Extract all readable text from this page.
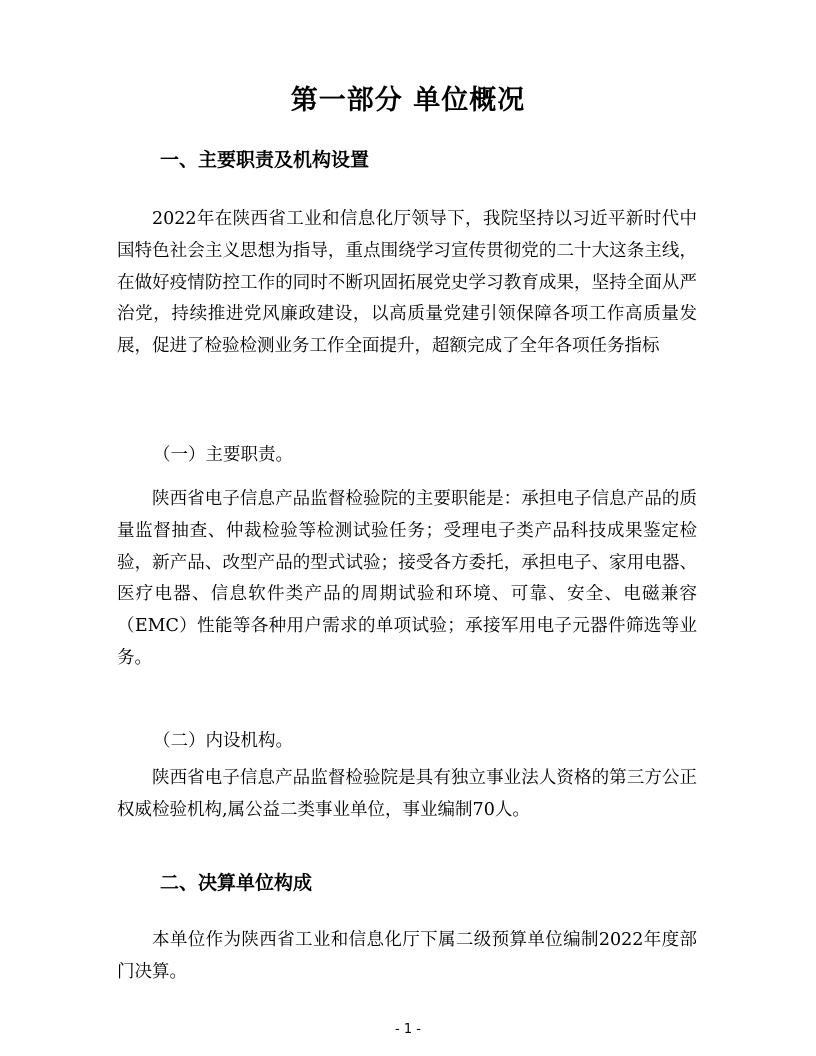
第一部分 单位概况
一、主要职责及机构设置

2022年在陕西省工业和信息化厅领导下，我院坚持以习近平新时代中国特色社会主义思想为指导，重点围绕学习宣传贯彻党的二十大这条主线，在做好疫情防控工作的同时不断巩固拓展党史学习教育成果，坚持全面从严治党，持续推进党风廉政建设，以高质量党建引领保障各项工作高质量发展，促进了检验检测业务工作全面提升，超额完成了全年各项任务指标

（一）主要职责。

陕西省电子信息产品监督检验院的主要职能是：承担电子信息产品的质量监督抽查、仲裁检验等检测试验任务；受理电子类产品科技成果鉴定检验，新产品、改型产品的型式试验；接受各方委托，承担电子、家用电器、医疗电器、信息软件类产品的周期试验和环境、可靠、安全、电磁兼容（EMC）性能等各种用户需求的单项试验；承接军用电子元器件筛选等业务。

（二）内设机构。

陕西省电子信息产品监督检验院是具有独立事业法人资格的第三方公正权威检验机构,属公益二类事业单位，事业编制70人。

二、决算单位构成

本单位作为陕西省工业和信息化厅下属二级预算单位编制2022年度部门决算。

- 1 -
